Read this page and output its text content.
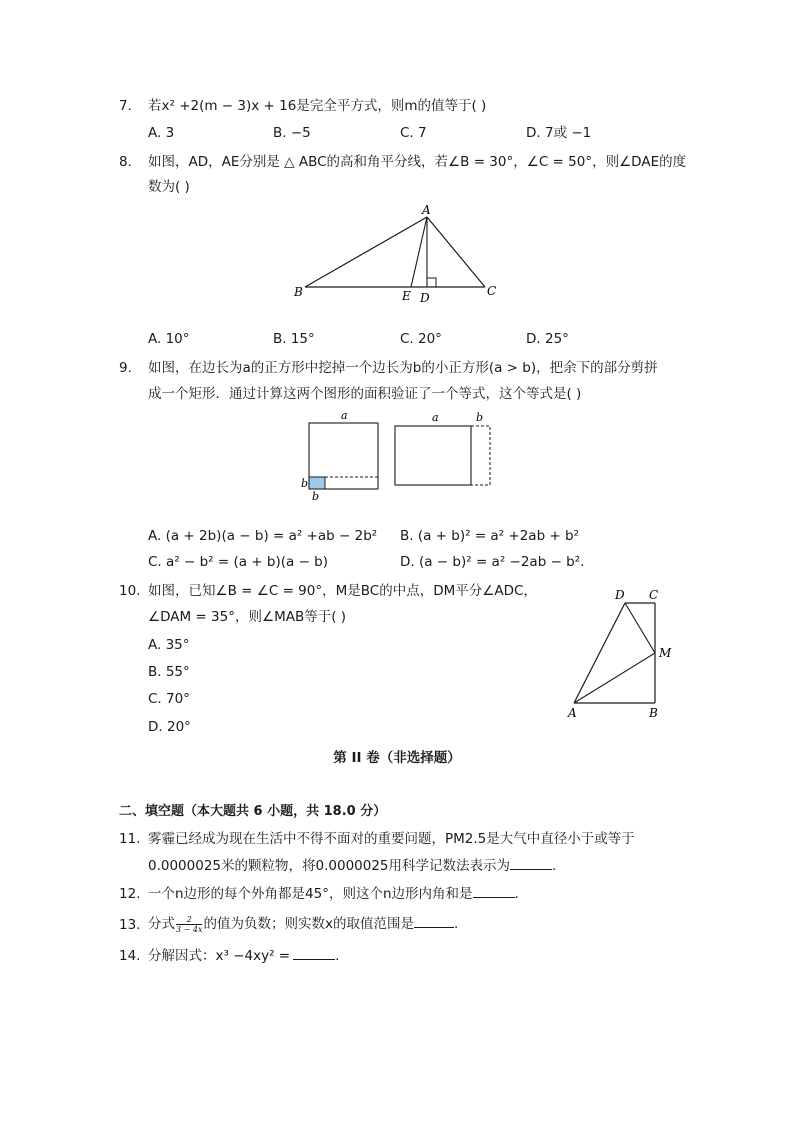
7. 若x² +2(m − 3)x + 16是完全平方式，则m的值等于( )
A. 3	B. −5	C. 7	D. 7或 −1
8. 如图，AD，AE分别是 △ ABC的高和角平分线，若∠B = 30°，∠C = 50°，则∠DAE的度
数为( )
A
B	C
E D
A. 10°	B. 15°	C. 20°	D. 25°
9. 如图，在边长为a的正方形中挖掉一个边长为b的小正方形(a > b)，把余下的部分剪拼
成一个矩形．通过计算这两个图形的面积验证了一个等式，这个等式是( )
a
b
b
a	b
A. (a + 2b)(a − b) = a² +ab − 2b² B. (a + b)² = a² +2ab + b²
C. a² − b² = (a + b)(a − b)	D. (a − b)² = a² −2ab − b².
10. 如图，已知∠B = ∠C = 90°，M是BC的中点，DM平分∠ADC，
∠DAM = 35°，则∠MAB等于( )
A. 35°
B. 55°
C. 70°
D. 20°
D C
M
A	B
第 II 卷（非选择题）
二、填空题（本大题共 6 小题，共 18.0 分）
11. 雾霾已经成为现在生活中不得不面对的重要问题，PM2.5是大气中直径小于或等于
0.0000025米的颗粒物，将0.0000025用科学记数法表示为	.
12. 一个n边形的每个外角都是45°，则这个n边形内角和是	.
13. 分式 $\frac{2}{3 - 4x}$ 的值为负数；则实数x的取值范围是	.
14. 分解因式：x³ −4xy² =	.
